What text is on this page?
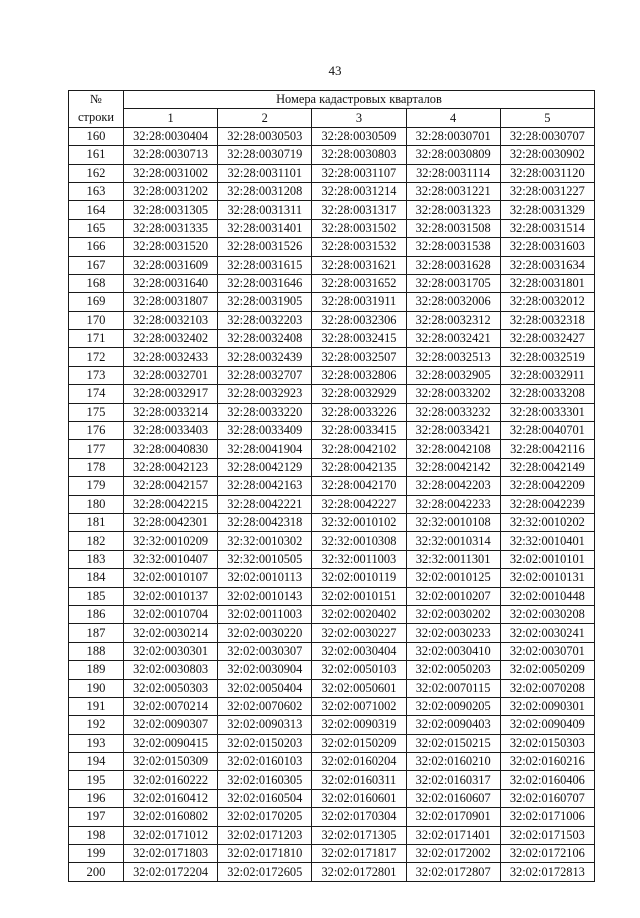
43
№	Номера кадастровых кварталов				
строки	1	2	3	4	5
160	32:28:0030404	32:28:0030503	32:28:0030509	32:28:0030701	32:28:0030707
161	32:28:0030713	32:28:0030719	32:28:0030803	32:28:0030809	32:28:0030902
162	32:28:0031002	32:28:0031101	32:28:0031107	32:28:0031114	32:28:0031120
163	32:28:0031202	32:28:0031208	32:28:0031214	32:28:0031221	32:28:0031227
164	32:28:0031305	32:28:0031311	32:28:0031317	32:28:0031323	32:28:0031329
165	32:28:0031335	32:28:0031401	32:28:0031502	32:28:0031508	32:28:0031514
166	32:28:0031520	32:28:0031526	32:28:0031532	32:28:0031538	32:28:0031603
167	32:28:0031609	32:28:0031615	32:28:0031621	32:28:0031628	32:28:0031634
168	32:28:0031640	32:28:0031646	32:28:0031652	32:28:0031705	32:28:0031801
169	32:28:0031807	32:28:0031905	32:28:0031911	32:28:0032006	32:28:0032012
170	32:28:0032103	32:28:0032203	32:28:0032306	32:28:0032312	32:28:0032318
171	32:28:0032402	32:28:0032408	32:28:0032415	32:28:0032421	32:28:0032427
172	32:28:0032433	32:28:0032439	32:28:0032507	32:28:0032513	32:28:0032519
173	32:28:0032701	32:28:0032707	32:28:0032806	32:28:0032905	32:28:0032911
174	32:28:0032917	32:28:0032923	32:28:0032929	32:28:0033202	32:28:0033208
175	32:28:0033214	32:28:0033220	32:28:0033226	32:28:0033232	32:28:0033301
176	32:28:0033403	32:28:0033409	32:28:0033415	32:28:0033421	32:28:0040701
177	32:28:0040830	32:28:0041904	32:28:0042102	32:28:0042108	32:28:0042116
178	32:28:0042123	32:28:0042129	32:28:0042135	32:28:0042142	32:28:0042149
179	32:28:0042157	32:28:0042163	32:28:0042170	32:28:0042203	32:28:0042209
180	32:28:0042215	32:28:0042221	32:28:0042227	32:28:0042233	32:28:0042239
181	32:28:0042301	32:28:0042318	32:32:0010102	32:32:0010108	32:32:0010202
182	32:32:0010209	32:32:0010302	32:32:0010308	32:32:0010314	32:32:0010401
183	32:32:0010407	32:32:0010505	32:32:0011003	32:32:0011301	32:02:0010101
184	32:02:0010107	32:02:0010113	32:02:0010119	32:02:0010125	32:02:0010131
185	32:02:0010137	32:02:0010143	32:02:0010151	32:02:0010207	32:02:0010448
186	32:02:0010704	32:02:0011003	32:02:0020402	32:02:0030202	32:02:0030208
187	32:02:0030214	32:02:0030220	32:02:0030227	32:02:0030233	32:02:0030241
188	32:02:0030301	32:02:0030307	32:02:0030404	32:02:0030410	32:02:0030701
189	32:02:0030803	32:02:0030904	32:02:0050103	32:02:0050203	32:02:0050209
190	32:02:0050303	32:02:0050404	32:02:0050601	32:02:0070115	32:02:0070208
191	32:02:0070214	32:02:0070602	32:02:0071002	32:02:0090205	32:02:0090301
192	32:02:0090307	32:02:0090313	32:02:0090319	32:02:0090403	32:02:0090409
193	32:02:0090415	32:02:0150203	32:02:0150209	32:02:0150215	32:02:0150303
194	32:02:0150309	32:02:0160103	32:02:0160204	32:02:0160210	32:02:0160216
195	32:02:0160222	32:02:0160305	32:02:0160311	32:02:0160317	32:02:0160406
196	32:02:0160412	32:02:0160504	32:02:0160601	32:02:0160607	32:02:0160707
197	32:02:0160802	32:02:0170205	32:02:0170304	32:02:0170901	32:02:0171006
198	32:02:0171012	32:02:0171203	32:02:0171305	32:02:0171401	32:02:0171503
199	32:02:0171803	32:02:0171810	32:02:0171817	32:02:0172002	32:02:0172106
200	32:02:0172204	32:02:0172605	32:02:0172801	32:02:0172807	32:02:0172813
